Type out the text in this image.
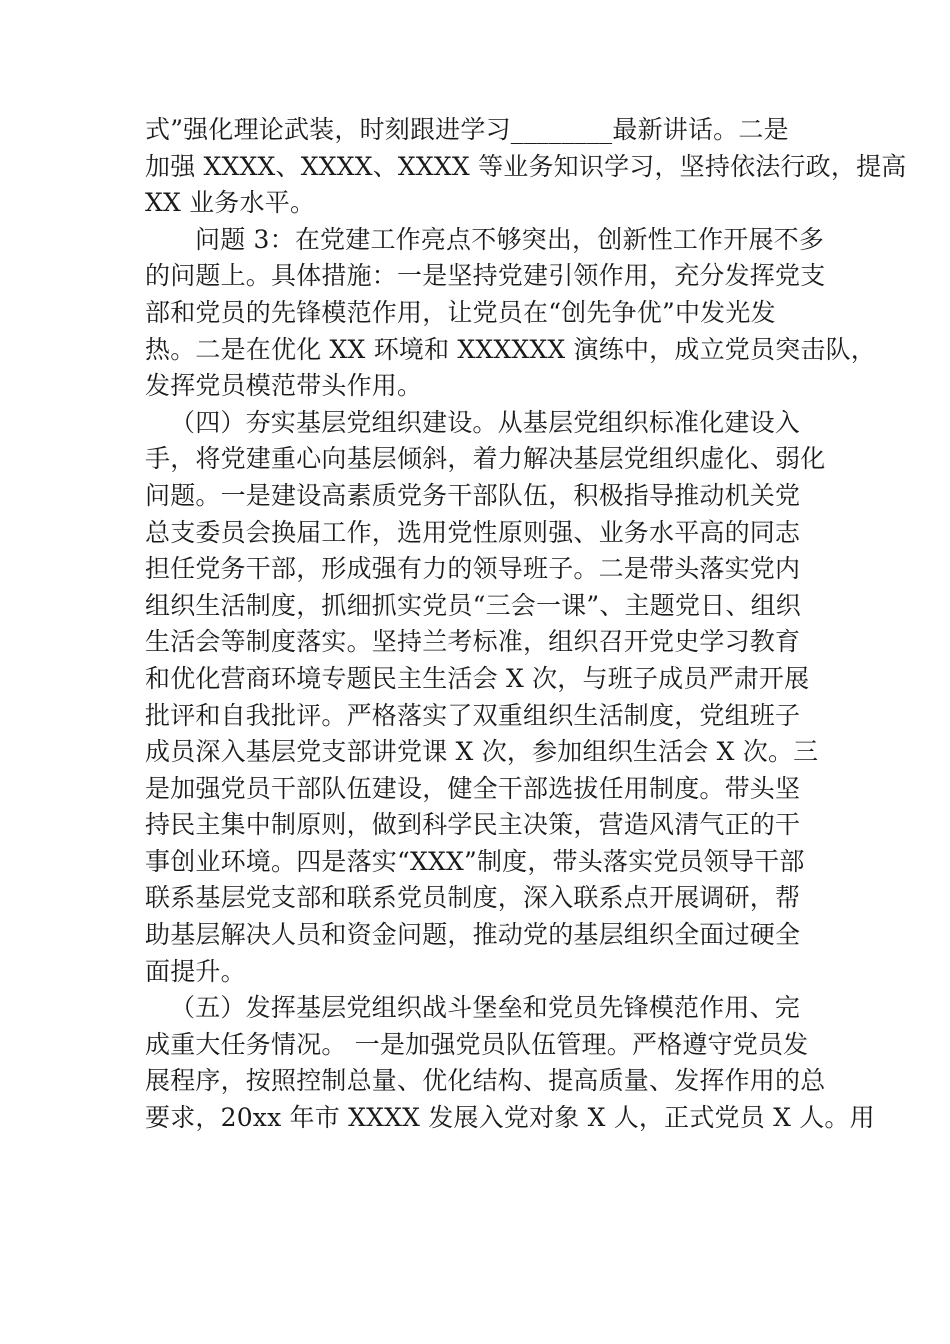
式”强化理论武装，时刻跟进学习________最新讲话。二是
加强 XXXX、XXXX、XXXX 等业务知识学习，坚持依法行政，提高
XX 业务水平。

问题 3：在党建工作亮点不够突出，创新性工作开展不多
的问题上。具体措施：一是坚持党建引领作用，充分发挥党支
部和党员的先锋模范作用，让党员在“创先争优”中发光发
热。二是在优化 XX 环境和 XXXXXX 演练中，成立党员突击队，
发挥党员模范带头作用。

（四）夯实基层党组织建设。从基层党组织标准化建设入
手，将党建重心向基层倾斜，着力解决基层党组织虚化、弱化
问题。一是建设高素质党务干部队伍，积极指导推动机关党
总支委员会换届工作，选用党性原则强、业务水平高的同志
担任党务干部，形成强有力的领导班子。二是带头落实党内
组织生活制度，抓细抓实党员“三会一课”、主题党日、组织
生活会等制度落实。坚持兰考标准，组织召开党史学习教育
和优化营商环境专题民主生活会 X 次，与班子成员严肃开展
批评和自我批评。严格落实了双重组织生活制度，党组班子
成员深入基层党支部讲党课 X 次，参加组织生活会 X 次。三
是加强党员干部队伍建设，健全干部选拔任用制度。带头坚
持民主集中制原则，做到科学民主决策，营造风清气正的干
事创业环境。四是落实“XXX”制度，带头落实党员领导干部
联系基层党支部和联系党员制度，深入联系点开展调研，帮
助基层解决人员和资金问题，推动党的基层组织全面过硬全
面提升。

（五）发挥基层党组织战斗堡垒和党员先锋模范作用、完
成重大任务情况。 一是加强党员队伍管理。严格遵守党员发
展程序，按照控制总量、优化结构、提高质量、发挥作用的总
要求，20xx 年市 XXXX 发展入党对象 X 人，正式党员 X 人。用
